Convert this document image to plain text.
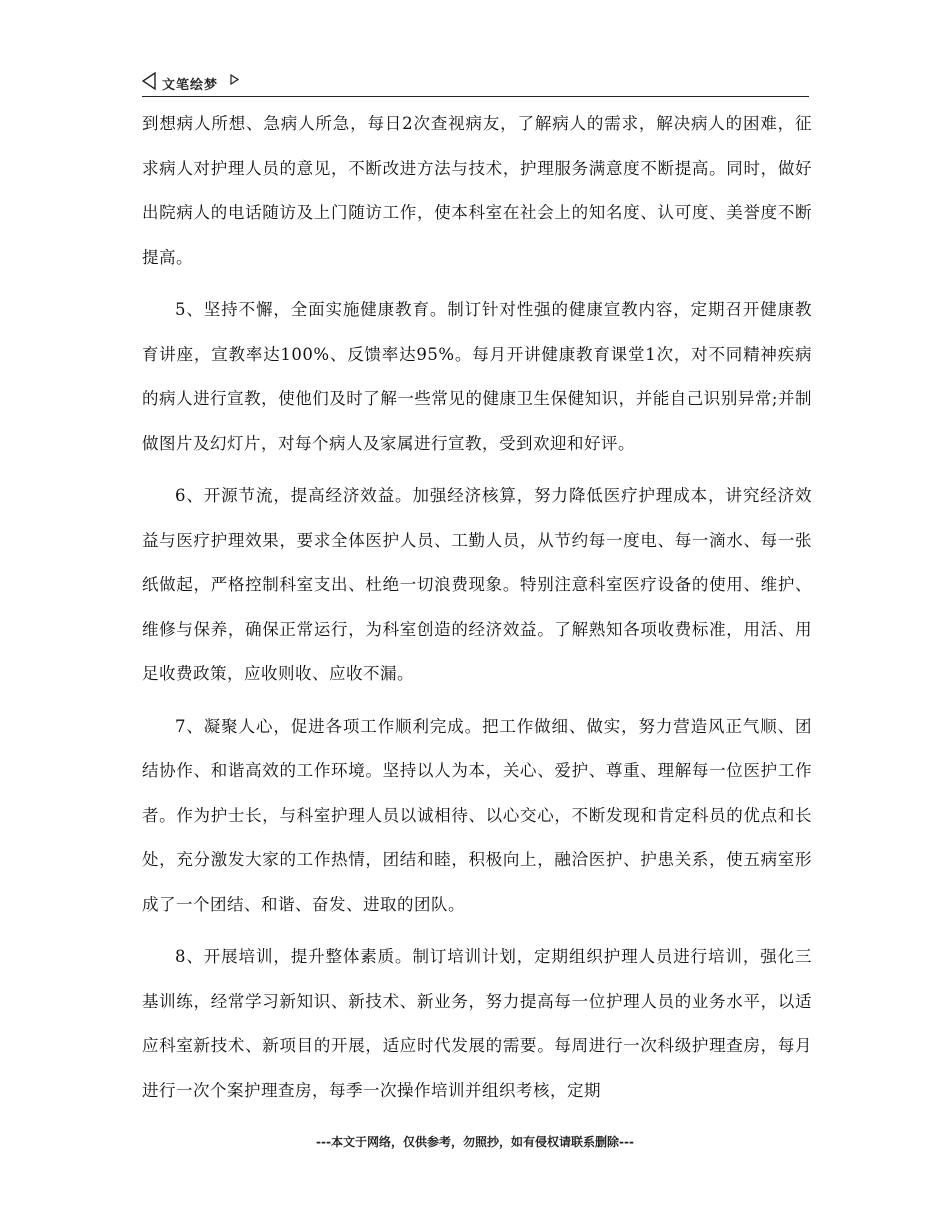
文笔绘梦

到想病人所想、急病人所急，每日2次查视病友，了解病人的需求，解决病人的困难，征求病人对护理人员的意见，不断改进方法与技术，护理服务满意度不断提高。同时，做好出院病人的电话随访及上门随访工作，使本科室在社会上的知名度、认可度、美誉度不断提高。

5、坚持不懈，全面实施健康教育。制订针对性强的健康宣教内容，定期召开健康教育讲座，宣教率达100%、反馈率达95%。每月开讲健康教育课堂1次，对不同精神疾病的病人进行宣教，使他们及时了解一些常见的健康卫生保健知识，并能自己识别异常;并制做图片及幻灯片，对每个病人及家属进行宣教，受到欢迎和好评。

6、开源节流，提高经济效益。加强经济核算，努力降低医疗护理成本，讲究经济效益与医疗护理效果，要求全体医护人员、工勤人员，从节约每一度电、每一滴水、每一张纸做起，严格控制科室支出、杜绝一切浪费现象。特别注意科室医疗设备的使用、维护、维修与保养，确保正常运行，为科室创造的经济效益。了解熟知各项收费标准，用活、用足收费政策，应收则收、应收不漏。

7、凝聚人心，促进各项工作顺利完成。把工作做细、做实，努力营造风正气顺、团结协作、和谐高效的工作环境。坚持以人为本，关心、爱护、尊重、理解每一位医护工作者。作为护士长，与科室护理人员以诚相待、以心交心，不断发现和肯定科员的优点和长处，充分激发大家的工作热情，团结和睦，积极向上，融洽医护、护患关系，使五病室形成了一个团结、和谐、奋发、进取的团队。

8、开展培训，提升整体素质。制订培训计划，定期组织护理人员进行培训，强化三基训练，经常学习新知识、新技术、新业务，努力提高每一位护理人员的业务水平，以适应科室新技术、新项目的开展，适应时代发展的需要。每周进行一次科级护理查房，每月进行一次个案护理查房，每季一次操作培训并组织考核，定期

---本文于网络，仅供参考，勿照抄，如有侵权请联系删除---
